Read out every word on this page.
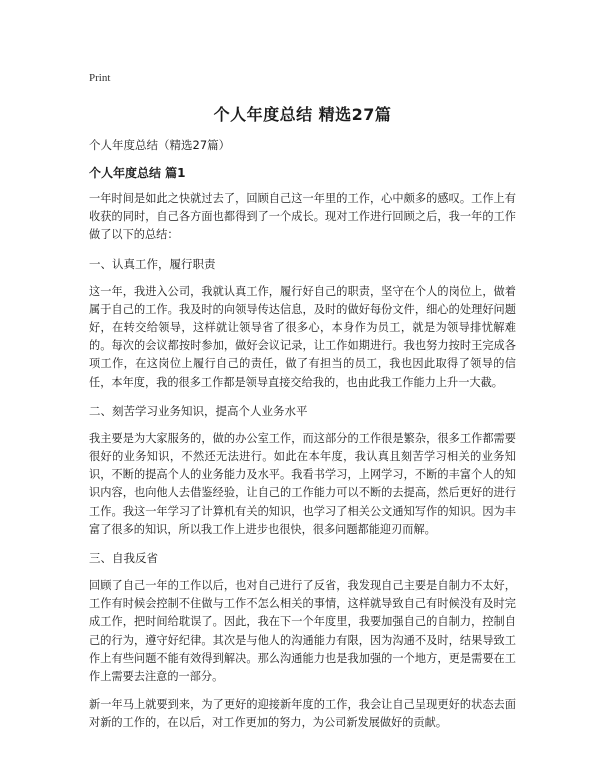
Print

个人年度总结 精选27篇

个人年度总结（精选27篇）

个人年度总结 篇1

一年时间是如此之快就过去了，回顾自己这一年里的工作，心中颇多的感叹。工作上有收获的同时，自己各方面也都得到了一个成长。现对工作进行回顾之后，我一年的工作做了以下的总结：

一、认真工作，履行职责

这一年，我进入公司，我就认真工作，履行好自己的职责，坚守在个人的岗位上，做着属于自己的工作。我及时的向领导传达信息，及时的做好每份文件，细心的处理好问题好，在转交给领导，这样就让领导省了很多心，本身作为员工，就是为领导排忧解难的。每次的会议都按时参加，做好会议记录，让工作如期进行。我也努力按时王完成各项工作，在这岗位上履行自己的责任，做了有担当的员工，我也因此取得了领导的信任，本年度，我的很多工作都是领导直接交给我的，也由此我工作能力上升一大截。

二、刻苦学习业务知识，提高个人业务水平

我主要是为大家服务的，做的办公室工作，而这部分的工作很是繁杂，很多工作都需要很好的业务知识，不然还无法进行。如此在本年度，我认真且刻苦学习相关的业务知识，不断的提高个人的业务能力及水平。我看书学习，上网学习，不断的丰富个人的知识内容，也向他人去借鉴经验，让自己的工作能力可以不断的去提高，然后更好的进行工作。我这一年学习了计算机有关的知识，也学习了相关公文通知写作的知识。因为丰富了很多的知识，所以我工作上进步也很快，很多问题都能迎刃而解。

三、自我反省

回顾了自己一年的工作以后，也对自己进行了反省，我发现自己主要是自制力不太好，工作有时候会控制不住做与工作不怎么相关的事情，这样就导致自己有时候没有及时完成工作，把时间给耽误了。因此，我在下一个年度里，我要加强自己的自制力，控制自己的行为，遵守好纪律。其次是与他人的沟通能力有限，因为沟通不及时，结果导致工作上有些问题不能有效得到解决。那么沟通能力也是我加强的一个地方，更是需要在工作上需要去注意的一部分。

新一年马上就要到来，为了更好的迎接新年度的工作，我会让自己呈现更好的状态去面对新的工作的，在以后，对工作更加的努力，为公司新发展做好的贡献。
